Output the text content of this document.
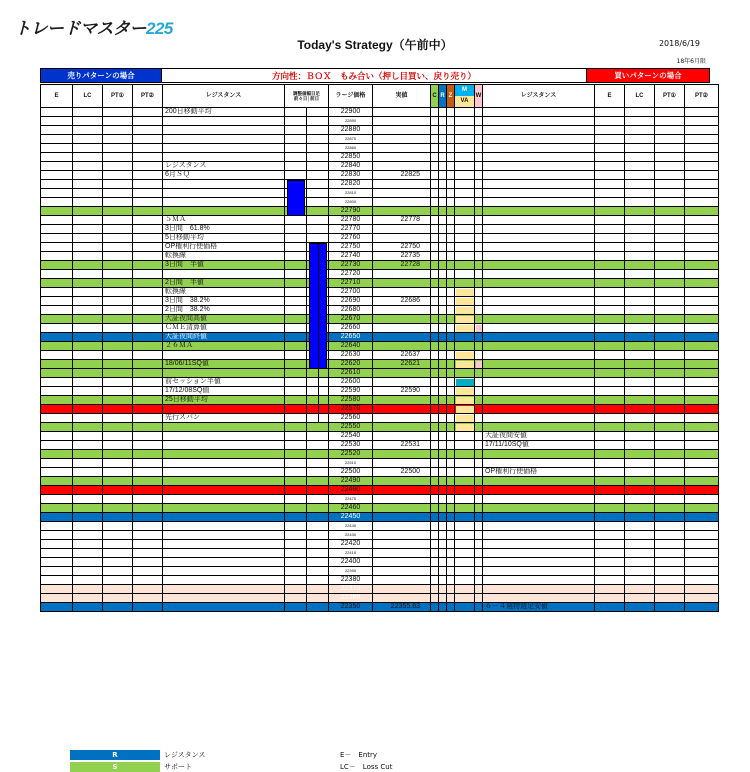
トレードマスター225
Today's Strategy（午前中）	2018/6/19
18年6月限
売りパターンの場合	方向性：ＢＯＸ　もみ合い（押し目買い、戻り売り）	買いパターンの場合
E	LC	PT①	PT②	レジスタンス	調整値幅日足
前々日│前日		ラージ価格	実値	C	R	Z	M
VA	W	レジスタンス	E	LC	PT①	PT②
				200日移動平均			22900											
							22890											
							22880											
							22870											
							22860											
							22850											
				レジスタンス			22840											
				6月ＳＱ			22830	22825										
							22820											
							22810											
							22800											
							22790											
				５ＭＡ			22780	22778										
				3日間　61.8%			22770											
				5日移動平均			22760											
				OP権利行使価格			22750	22750										
				転換線			22740	22735										
				3日間　半値			22730	22728										
							22720											
				2日間　半値			22710											
				転換線			22700											
				3日間　38.2%			22690	22686										
				2日間　38.2%			22680											
				大証夜間高値			22670											
				ＣＭＥ清算値			22660											
				大証夜間終値			22650											
				２６ＭＡ			22640											
							22630	22637										
				18/06/11SQ値			22620	22621										
							22610											
				前セッション半値			22600											
				17/12/08SQ値			22590	22590										
				25日移動平均			22580											
							22570											
				先行スパン			22560											
							22550											
							22540							大証夜間安値				
							22530	22531						17/11/10SQ値				
							22520											
							22510											
							22500	22500						OP権利行使価格				
							22490											
							22480											
							22470											
							22460											
							22450											
							22440											
							22430											
							22420											
							22410											
							22400											
							22390											
							22380											
							22370											
							22360											
							22350	22355.83						６－４週物週足安値				
R	レジスタンス
S	サポート
E－　Entry
LC－　Loss Cut
